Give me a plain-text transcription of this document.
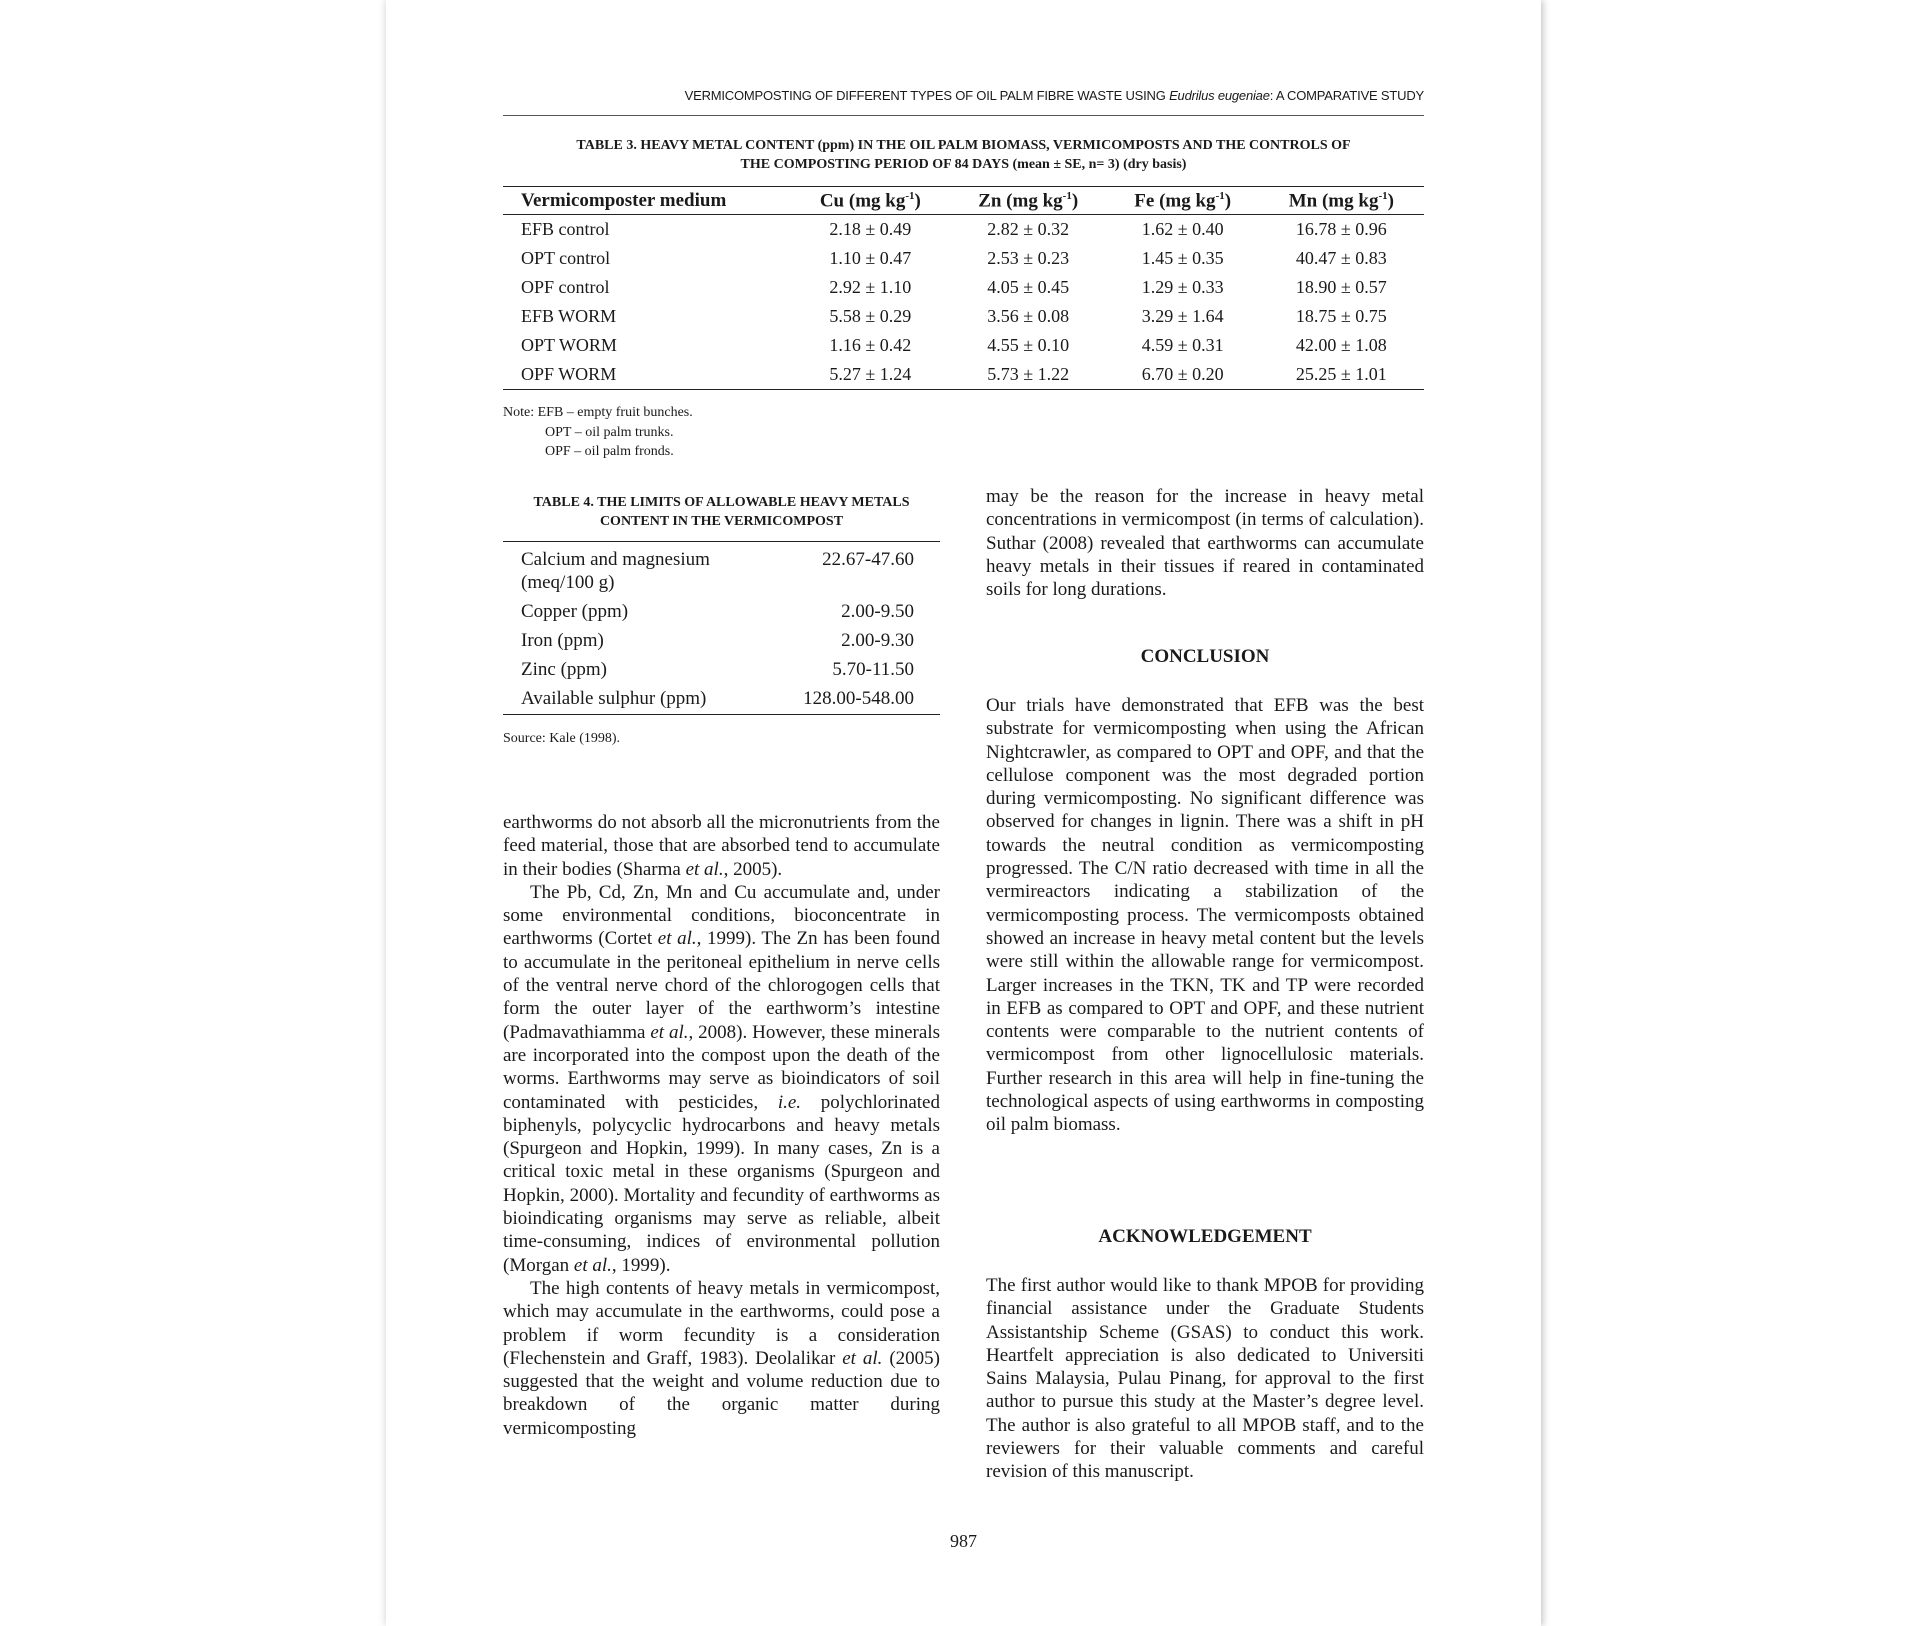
VERMICOMPOSTING OF DIFFERENT TYPES OF OIL PALM FIBRE WASTE USING Eudrilus eugeniae: A COMPARATIVE STUDY
TABLE 3. HEAVY METAL CONTENT (ppm) IN THE OIL PALM BIOMASS, VERMICOMPOSTS AND THE CONTROLS OF
THE COMPOSTING PERIOD OF 84 DAYS (mean ± SE, n= 3) (dry basis)
Vermicomposter medium	Cu (mg $kg^{-1}$)	Zn (mg $kg^{-1}$)	Fe (mg $kg^{-1}$)	Mn (mg $kg^{-1}$)
EFB control	2.18 ± 0.49	2.82 ± 0.32	1.62 ± 0.40	16.78 ± 0.96
OPT control	1.10 ± 0.47	2.53 ± 0.23	1.45 ± 0.35	40.47 ± 0.83
OPF control	2.92 ± 1.10	4.05 ± 0.45	1.29 ± 0.33	18.90 ± 0.57
EFB WORM	5.58 ± 0.29	3.56 ± 0.08	3.29 ± 1.64	18.75 ± 0.75
OPT WORM	1.16 ± 0.42	4.55 ± 0.10	4.59 ± 0.31	42.00 ± 1.08
OPF WORM	5.27 ± 1.24	5.73 ± 1.22	6.70 ± 0.20	25.25 ± 1.01
Note: EFB – empty fruit bunches.
OPT – oil palm trunks.
OPF – oil palm fronds.
TABLE 4. THE LIMITS OF ALLOWABLE HEAVY METALS
CONTENT IN THE VERMICOMPOST
Calcium and magnesium (meq/100 g)	22.67-47.60
Copper (ppm)	2.00-9.50
Iron (ppm)	2.00-9.30
Zinc (ppm)	5.70-11.50
Available sulphur (ppm)	128.00-548.00
Source: Kale (1998).

earthworms do not absorb all the micronutrients from the feed material, those that are absorbed tend to accumulate in their bodies (Sharma et al., 2005).

The Pb, Cd, Zn, Mn and Cu accumulate and, under some environmental conditions, bioconcentrate in earthworms (Cortet et al., 1999). The Zn has been found to accumulate in the peritoneal epithelium in nerve cells of the ventral nerve chord of the chlorogogen cells that form the outer layer of the earthworm’s intestine (Padmavathiamma et al., 2008). However, these minerals are incorporated into the compost upon the death of the worms. Earthworms may serve as bioindicators of soil contaminated with pesticides, i.e. polychlorinated biphenyls, polycyclic hydrocarbons and heavy metals (Spurgeon and Hopkin, 1999). In many cases, Zn is a critical toxic metal in these organisms (Spurgeon and Hopkin, 2000). Mortality and fecundity of earthworms as bioindicating organisms may serve as reliable, albeit time-consuming, indices of environmental pollution (Morgan et al., 1999).

The high contents of heavy metals in vermicompost, which may accumulate in the earthworms, could pose a problem if worm fecundity is a consideration (Flechenstein and Graff, 1983). Deolalikar et al. (2005) suggested that the weight and volume reduction due to breakdown of the organic matter during vermicomposting

may be the reason for the increase in heavy metal concentrations in vermicompost (in terms of calculation). Suthar (2008) revealed that earthworms can accumulate heavy metals in their tissues if reared in contaminated soils for long durations.

CONCLUSION

Our trials have demonstrated that EFB was the best substrate for vermicomposting when using the African Nightcrawler, as compared to OPT and OPF, and that the cellulose component was the most degraded portion during vermicomposting. No significant difference was observed for changes in lignin. There was a shift in pH towards the neutral condition as vermicomposting progressed. The C/N ratio decreased with time in all the vermireactors indicating a stabilization of the vermicomposting process. The vermicomposts obtained showed an increase in heavy metal content but the levels were still within the allowable range for vermicompost. Larger increases in the TKN, TK and TP were recorded in EFB as compared to OPT and OPF, and these nutrient contents were comparable to the nutrient contents of vermicompost from other lignocellulosic materials. Further research in this area will help in fine-tuning the technological aspects of using earthworms in composting oil palm biomass.

ACKNOWLEDGEMENT

The first author would like to thank MPOB for providing financial assistance under the Graduate Students Assistantship Scheme (GSAS) to conduct this work. Heartfelt appreciation is also dedicated to Universiti Sains Malaysia, Pulau Pinang, for approval to the first author to pursue this study at the Master’s degree level. The author is also grateful to all MPOB staff, and to the reviewers for their valuable comments and careful revision of this manuscript.

987
